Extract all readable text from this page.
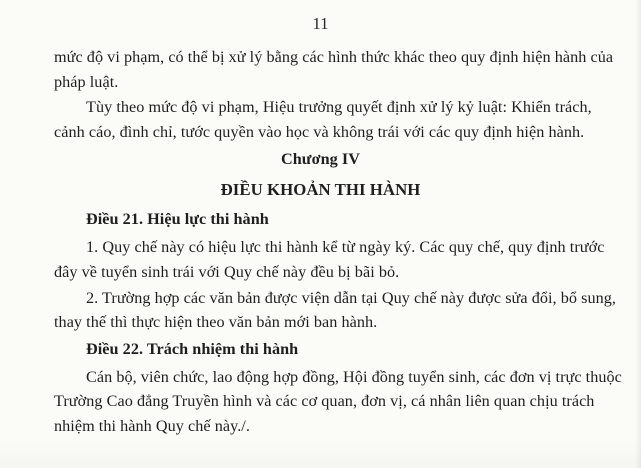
11
mức độ vi phạm, có thể bị xử lý bằng các hình thức khác theo quy định hiện hành của
pháp luật.
Tùy theo mức độ vi phạm, Hiệu trưởng quyết định xử lý kỷ luật: Khiển trách,
cảnh cáo, đình chỉ, tước quyền vào học và không trái với các quy định hiện hành.
Chương IV
ĐIỀU KHOẢN THI HÀNH
Điều 21. Hiệu lực thi hành
1. Quy chế này có hiệu lực thi hành kể từ ngày ký. Các quy chế, quy định trước
đây về tuyển sinh trái với Quy chế này đều bị bãi bỏ.
2. Trường hợp các văn bản được viện dẫn tại Quy chế này được sửa đổi, bổ sung,
thay thế thì thực hiện theo văn bản mới ban hành.
Điều 22. Trách nhiệm thi hành
Cán bộ, viên chức, lao động hợp đồng, Hội đồng tuyển sinh, các đơn vị trực thuộc
Trường Cao đẳng Truyền hình và các cơ quan, đơn vị, cá nhân liên quan chịu trách
nhiệm thi hành Quy chế này./.
